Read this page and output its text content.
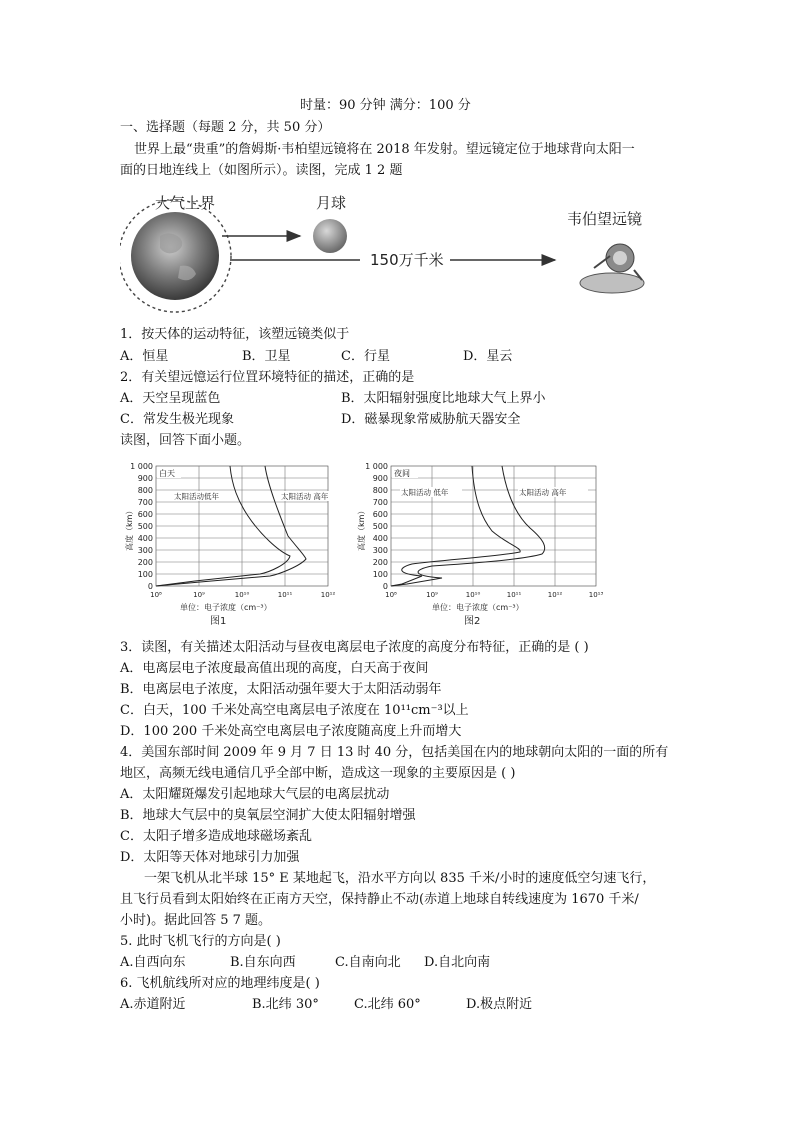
时量：90 分钟 满分：100 分
一、选择题（每题 2 分，共 50 分）
世界上最“贵重”的詹姆斯·韦柏望远镜将在 2018 年发射。望远镜定位于地球背向太阳一
面的日地连线上（如图所示）。读图，完成 1 2 题
大气上界	月球
150万千米
韦伯望远镜
1．按天体的运动特征，该塑远镜类似于
A．恒星	B．卫星	C．行星	D．星云
2．有关望远憶运行位罝环境特征的描述，正确的是
A．天空呈现蓝色	B．太阳辐射强度比地球大气上界小
C．常发生极光现象	D．磁暴现象常威胁航天器安全
读图，回答下面小题。
1 000
900
800
700
600
500
400
300
200
100
0
高度（km）
白天
太阳活动低年	太阳活动 高年
10⁸	10⁹	10¹⁰	10¹¹	10¹²
单位：电子浓度（cm⁻³）
图1
1 000
900
800
700
600
500
400
300
200
100
0
高度（km）
夜间
太阳活动 低年	太阳活动 高年
10⁸	10⁹	10¹⁰	10¹¹	10¹²	10¹³
单位：电子浓度（cm⁻³）
图2
3．读图，有关描述太阳活动与昼夜电离层电子浓度的高度分布特征，正确的是 ( )
A．电离层电子浓度最高值出现的高度，白天高于夜间
B．电离层电子浓度，太阳活动强年要大于太阳活动弱年
C．白天，100 千米处高空电离层电子浓度在 10¹¹cm⁻³以上
D．100 200 千米处高空电离层电子浓度随高度上升而增大
4．美国东部时间 2009 年 9 月 7 日 13 时 40 分，包括美国在内的地球朝向太阳的一面的所有
地区，高频无线电通信几乎全部中断，造成这一现象的主要原因是 ( )
A．太阳耀斑爆发引起地球大气层的电离层扰动
B．地球大气层中的臭氧层空洞扩大使太阳辐射增强
C．太阳子增多造成地球磁场紊乱
D．太阳等天体对地球引力加强
一架飞机从北半球 15° E 某地起飞，沿水平方向以 835 千米/小时的速度低空匀速飞行，
且飞行员看到太阳始终在正南方天空，保持静止不动(赤道上地球自转线速度为 1670 千米/
小时)。据此回答 5 7 题。
5. 此时飞机飞行的方向是( )
A.自西向东	B.自东向西	C.自南向北 D.自北向南
6. 飞机航线所对应的地理纬度是( )
A.赤道附近	B.北纬 30°	C.北纬 60°	D.极点附近
